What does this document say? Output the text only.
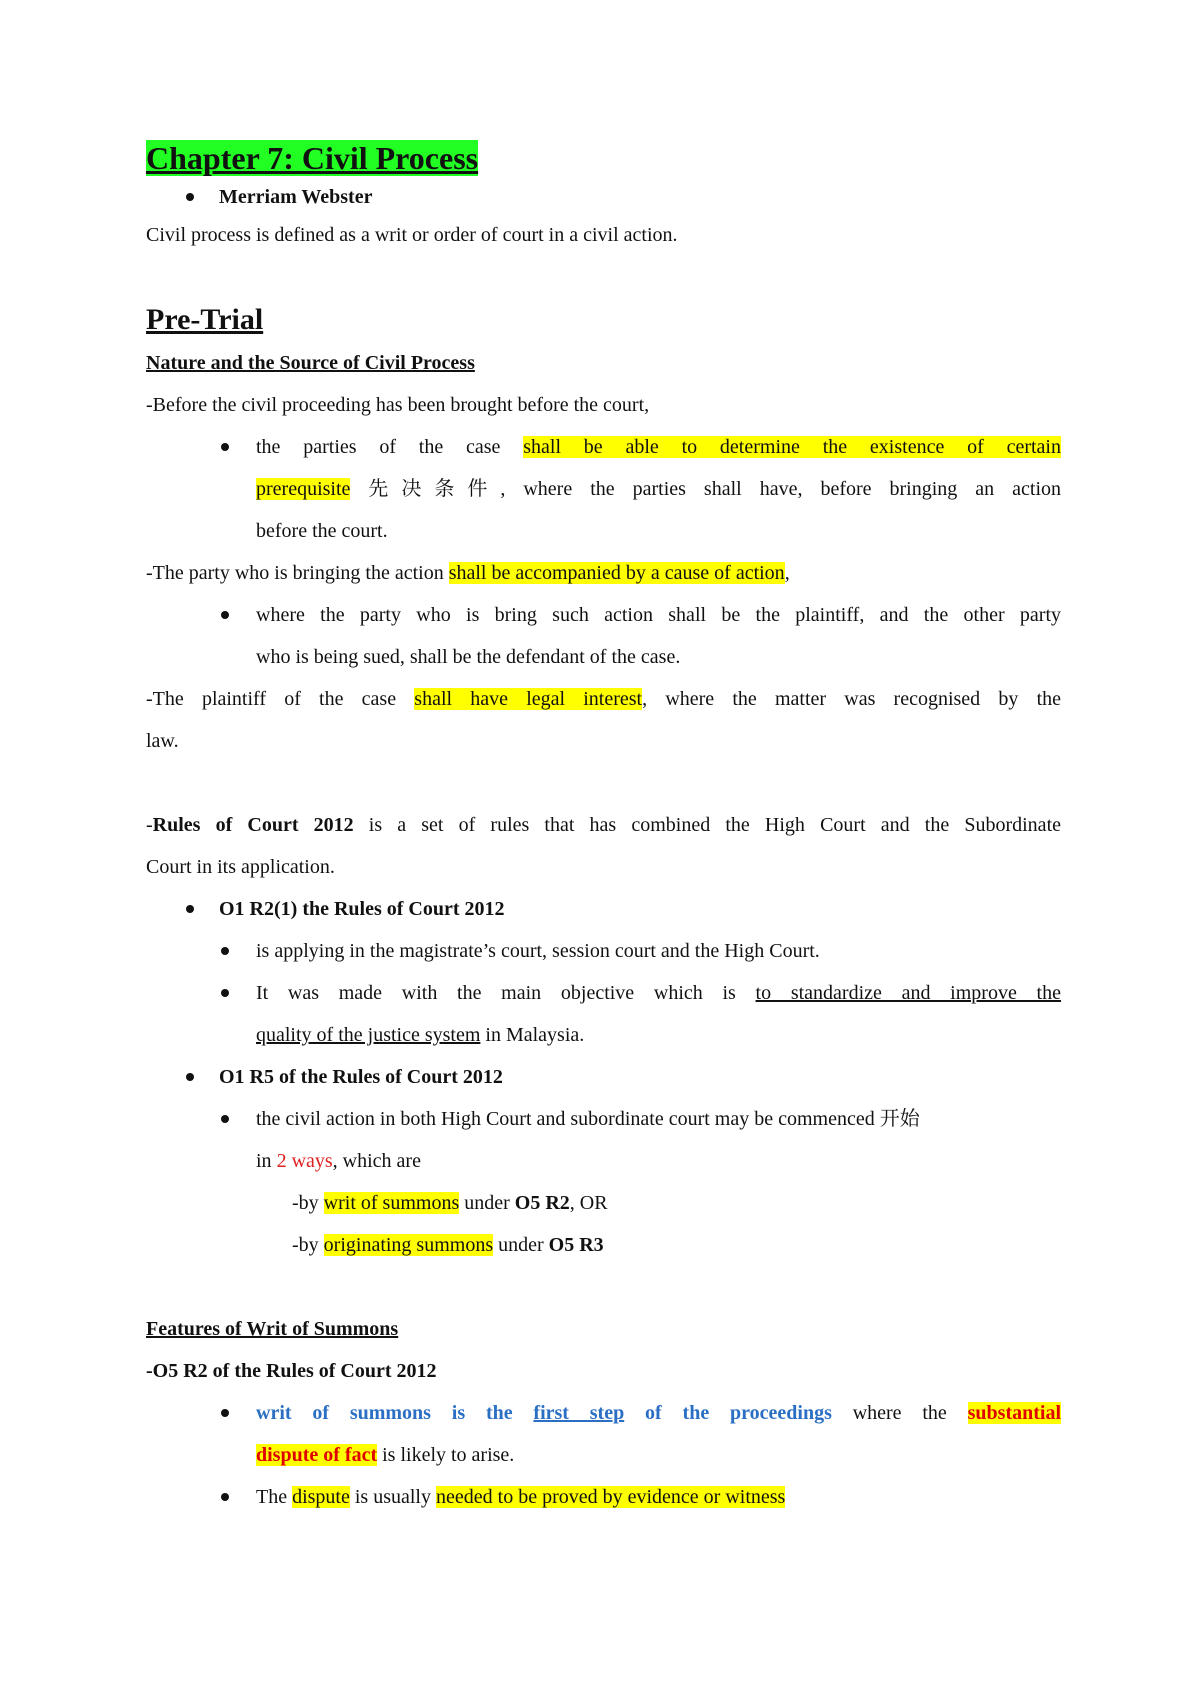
Chapter 7: Civil Process
Merriam Webster
Civil process is defined as a writ or order of court in a civil action.
Pre-Trial
Nature and the Source of Civil Process
-Before the civil proceeding has been brought before the court,
the parties of the case shall be able to determine the existence of certain
prerequisite 先决条件, where the parties shall have, before bringing an action
before the court.
-The party who is bringing the action shall be accompanied by a cause of action,
where the party who is bring such action shall be the plaintiff, and the other party
who is being sued, shall be the defendant of the case.
-The plaintiff of the case shall have legal interest, where the matter was recognised by the
law.
-Rules of Court 2012 is a set of rules that has combined the High Court and the Subordinate
Court in its application.
O1 R2(1) the Rules of Court 2012
is applying in the magistrate’s court, session court and the High Court.
It was made with the main objective which is to standardize and improve the
quality of the justice system in Malaysia.
O1 R5 of the Rules of Court 2012
the civil action in both High Court and subordinate court may be commenced 开始
in 2 ways, which are
-by writ of summons under O5 R2, OR
-by originating summons under O5 R3
Features of Writ of Summons
-O5 R2 of the Rules of Court 2012
writ of summons is the first step of the proceedings where the substantial
dispute of fact is likely to arise.
The dispute is usually needed to be proved by evidence or witness
